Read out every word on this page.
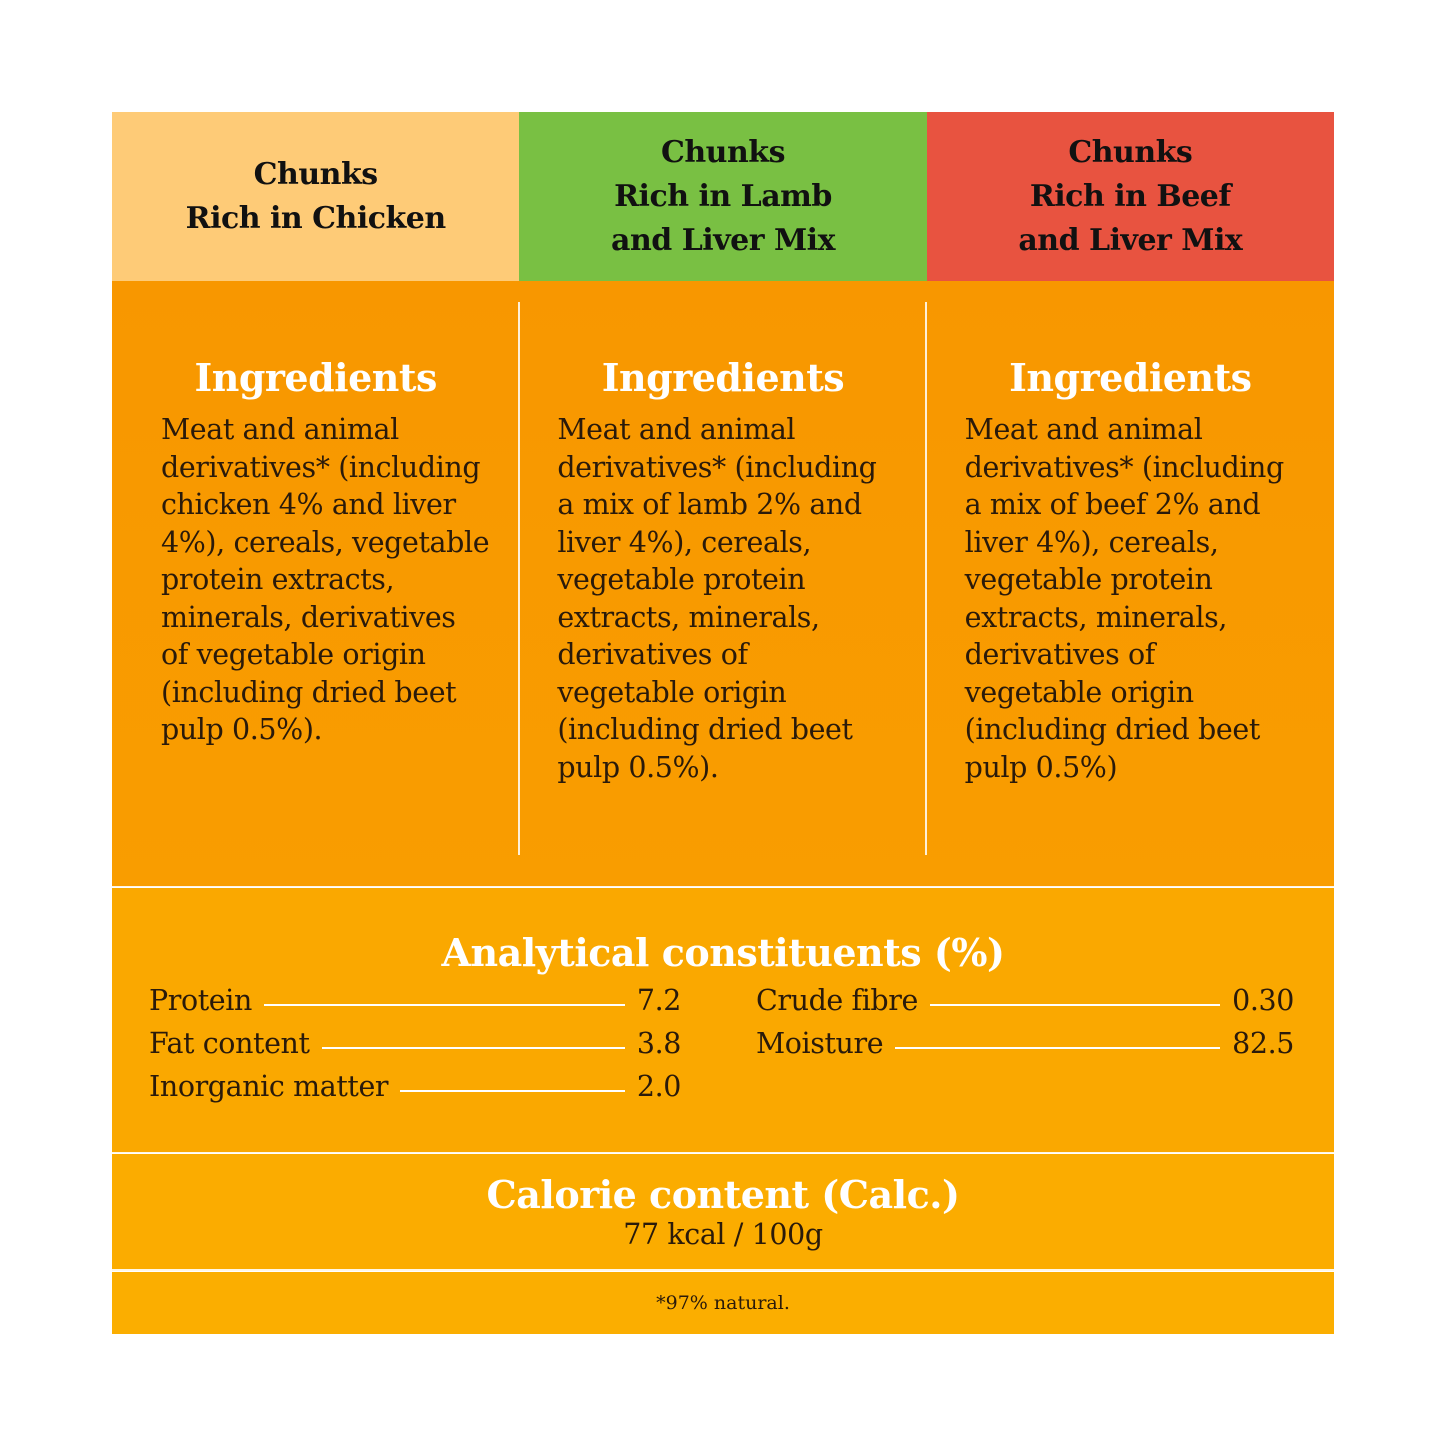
Chunks
Rich in Chicken
Chunks
Rich in Lamb
and Liver Mix
Chunks
Rich in Beef
and Liver Mix
Ingredients
Meat and animal
derivatives* (including
chicken 4% and liver
4%), cereals, vegetable
protein extracts,
minerals, derivatives
of vegetable origin
(including dried beet
pulp 0.5%).
Ingredients
Meat and animal
derivatives* (including
a mix of lamb 2% and
liver 4%), cereals,
vegetable protein
extracts, minerals,
derivatives of
vegetable origin
(including dried beet
pulp 0.5%).
Ingredients
Meat and animal
derivatives* (including
a mix of beef 2% and
liver 4%), cereals,
vegetable protein
extracts, minerals,
derivatives of
vegetable origin
(including dried beet
pulp 0.5%)
Analytical constituents (%)
Protein	7.2
Fat content	3.8
Inorganic matter	2.0
Crude fibre	0.30
Moisture	82.5
Calorie content (Calc.)
77 kcal / 100g
*97% natural.
